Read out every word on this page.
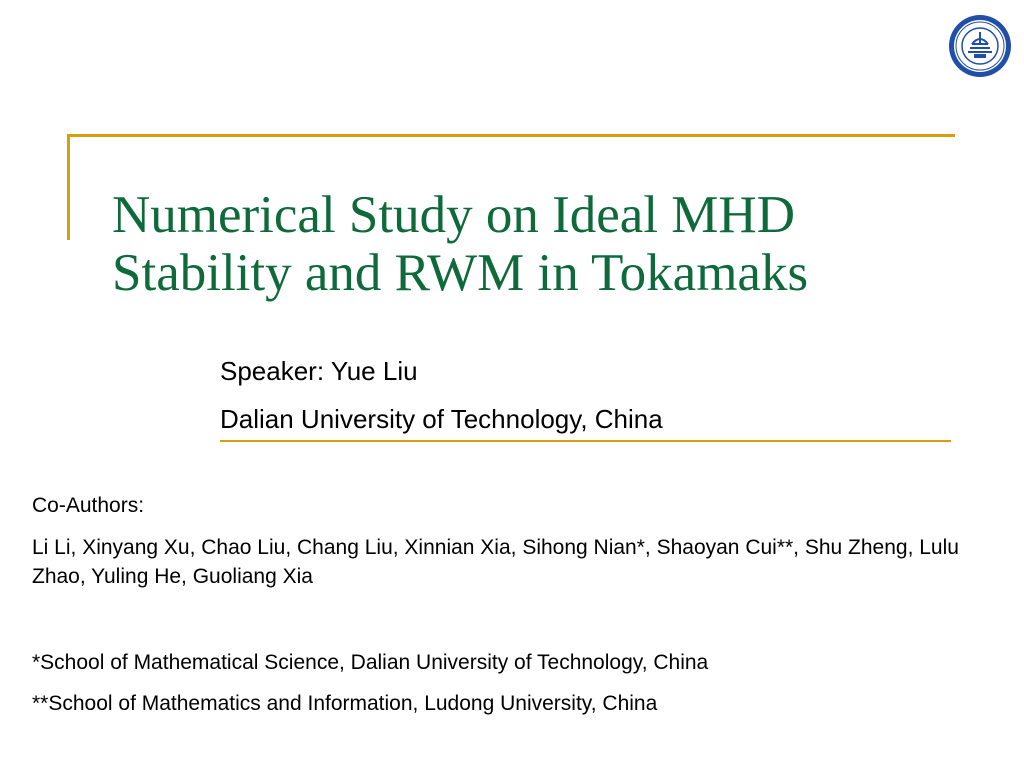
Numerical Study on Ideal MHD
Stability and RWM in Tokamaks
Speaker: Yue Liu
Dalian University of Technology, China
Co-Authors:
Li Li, Xinyang Xu, Chao Liu, Chang Liu, Xinnian Xia, Sihong Nian*, Shaoyan Cui**, Shu Zheng, Lulu Zhao, Yuling He, Guoliang Xia
*School of Mathematical Science, Dalian University of Technology, China
**School of Mathematics and Information, Ludong University, China
